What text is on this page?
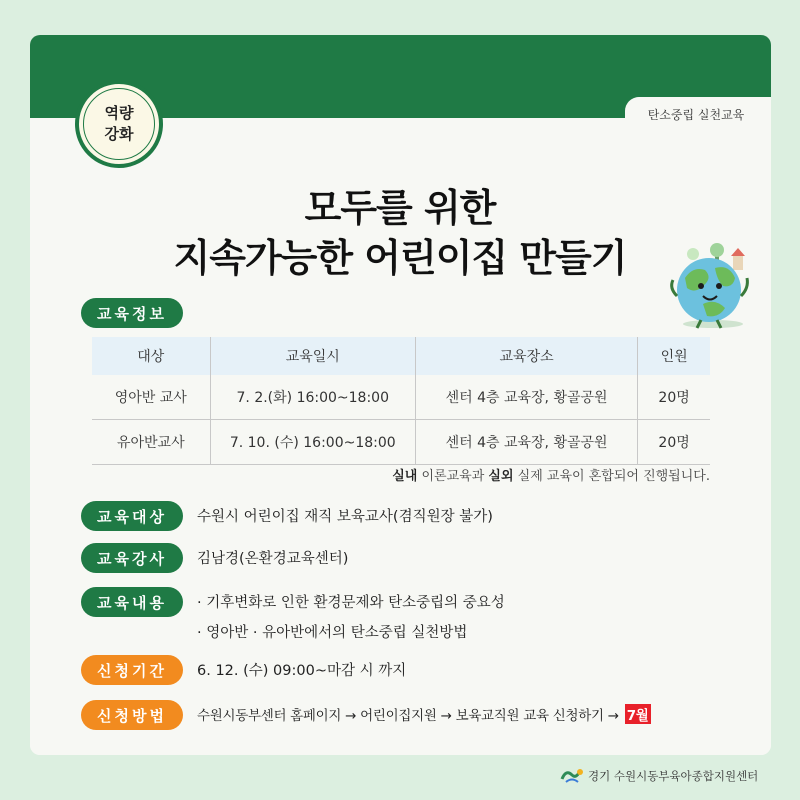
탄소중립 실천교육
역량
강화
모두를 위한
지속가능한 어린이집 만들기
교육정보
대상	교육일시	교육장소	인원
영아반 교사	7. 2.(화) 16:00~18:00	센터 4층 교육장, 황골공원	20명
유아반교사	7. 10. (수) 16:00~18:00	센터 4층 교육장, 황골공원	20명
실내 이론교육과 실외 실제 교육이 혼합되어 진행됩니다.
교육대상	수원시 어린이집 재직 보육교사(겸직원장 불가)
교육강사	김남경(온환경교육센터)
교육내용	· 기후변화로 인한 환경문제와 탄소중립의 중요성
· 영아반 · 유아반에서의 탄소중립 실천방법
신청기간	6. 12. (수) 09:00~마감 시 까지
신청방법	수원시동부센터 홈페이지 → 어린이집지원 → 보육교직원 교육 신청하기 → 7월
경기 수원시동부육아종합지원센터
